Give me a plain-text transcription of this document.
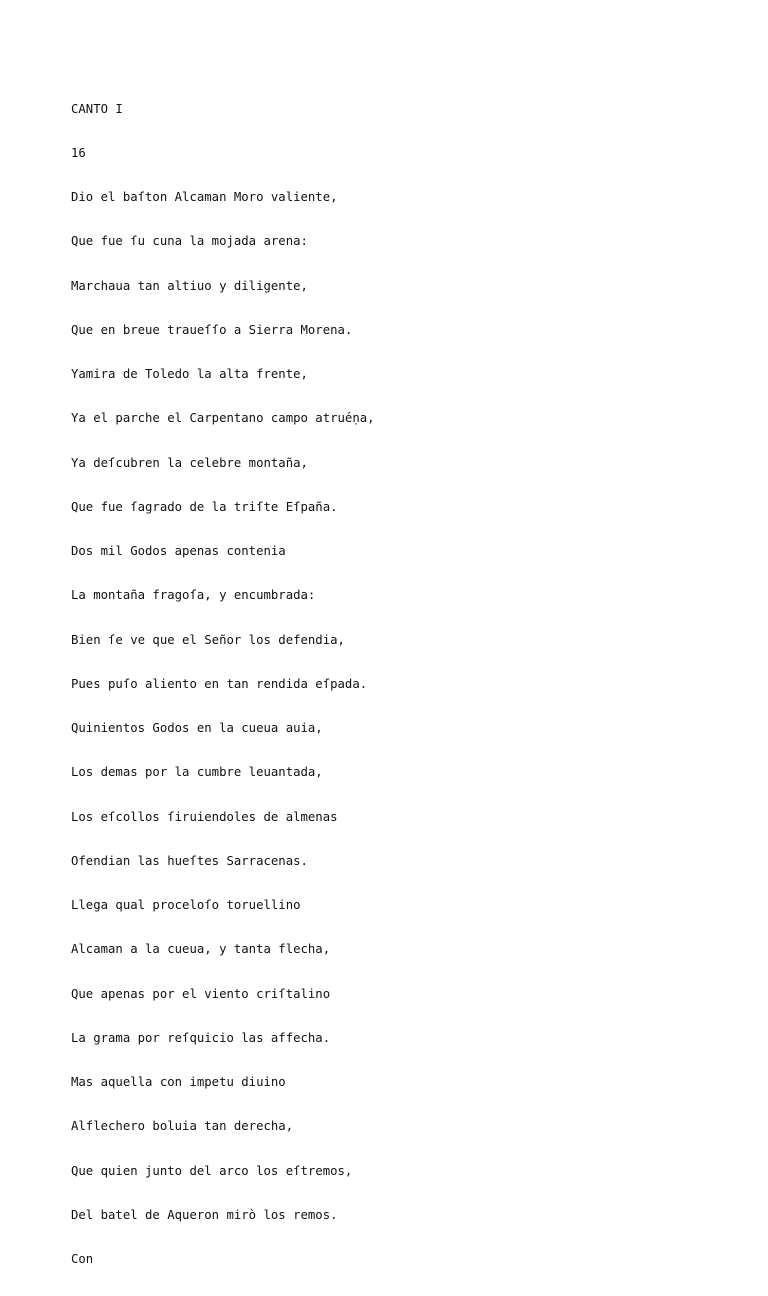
CANTO I

16

Dio el baſton Alcaman Moro valiente,

Que fue ſu cuna la mojada arena:

Marchaua tan altiuo y diligente,

Que en breue traueſſo a Sierra Morena.

Yamira de Toledo la alta frente,

Ya el parche el Carpentano campo atruéṇa,

Ya deſcubren la celebre montaña,

Que fue ſagrado de la triſte Eſpaña.

Dos mil Godos apenas contenia

La montaña fragoſa, y encumbrada:

Bien ſe ve que el Señor los defendia,

Pues puſo aliento en tan rendida eſpada.

Quinientos Godos en la cueua auia,

Los demas por la cumbre leuantada,

Los eſcollos ſiruiendoles de almenas

Ofendian las hueſtes Sarracenas.

Llega qual proceloſo toruellino

Alcaman a la cueua, y tanta flecha,

Que apenas por el viento criſtalino

La grama por reſquicio las affecha.

Mas aquella con impetu diuino

Alflechero boluia tan derecha,

Que quien junto del arco los eſtremos,

Del batel de Aqueron mirò los remos.

Con
